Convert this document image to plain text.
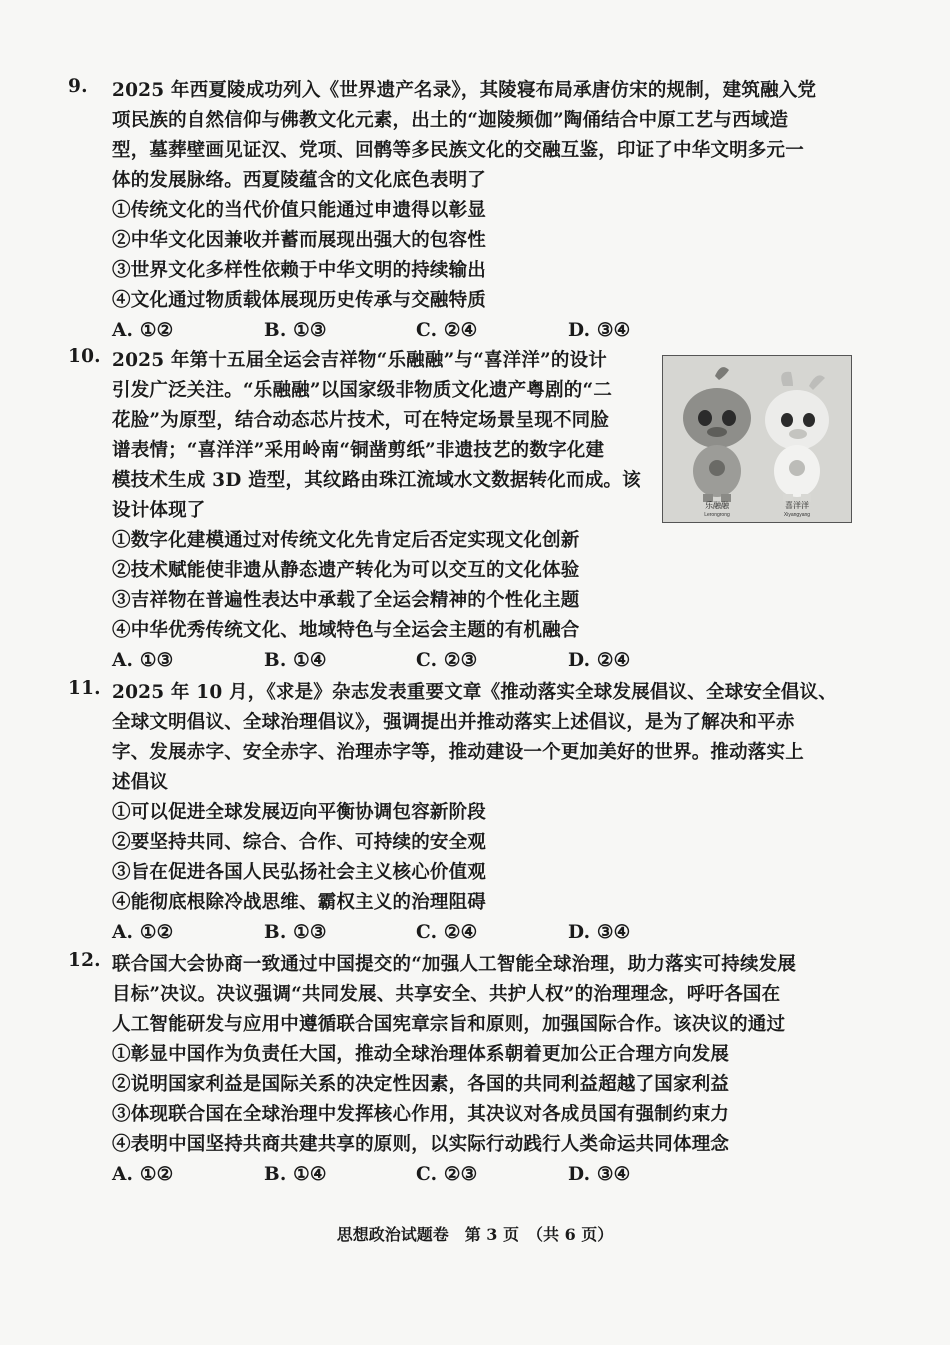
9. 2025 年西夏陵成功列入《世界遗产名录》，其陵寝布局承唐仿宋的规制，建筑融入党
项民族的自然信仰与佛教文化元素，出土的“迦陵频伽”陶俑结合中原工艺与西域造
型，墓葬壁画见证汉、党项、回鹘等多民族文化的交融互鉴，印证了中华文明多元一
体的发展脉络。西夏陵蕴含的文化底色表明了
①传统文化的当代价值只能通过申遗得以彰显
②中华文化因兼收并蓄而展现出强大的包容性
③世界文化多样性依赖于中华文明的持续输出
④文化通过物质载体展现历史传承与交融特质
A. ①②	B. ①③	C. ②④	D. ③④
10. 2025 年第十五届全运会吉祥物“乐融融”与“喜洋洋”的设计
引发广泛关注。“乐融融”以国家级非物质文化遗产粤剧的“二
花脸”为原型，结合动态芯片技术，可在特定场景呈现不同脸
谱表情；“喜洋洋”采用岭南“铜凿剪纸”非遗技艺的数字化建
模技术生成 3D 造型，其纹路由珠江流域水文数据转化而成。该
设计体现了
①数字化建模通过对传统文化先肯定后否定实现文化创新
②技术赋能使非遗从静态遗产转化为可以交互的文化体验
③吉祥物在普遍性表达中承载了全运会精神的个性化主题
④中华优秀传统文化、地域特色与全运会主题的有机融合
A. ①③	B. ①④	C. ②③	D. ②④
乐融融
Lerongrong
喜洋洋
Xiyangyang
11. 2025 年 10 月，《求是》杂志发表重要文章《推动落实全球发展倡议、全球安全倡议、
全球文明倡议、全球治理倡议》，强调提出并推动落实上述倡议，是为了解决和平赤
字、发展赤字、安全赤字、治理赤字等，推动建设一个更加美好的世界。推动落实上
述倡议
①可以促进全球发展迈向平衡协调包容新阶段
②要坚持共同、综合、合作、可持续的安全观
③旨在促进各国人民弘扬社会主义核心价值观
④能彻底根除冷战思维、霸权主义的治理阻碍
A. ①②	B. ①③	C. ②④	D. ③④
12. 联合国大会协商一致通过中国提交的“加强人工智能全球治理，助力落实可持续发展
目标”决议。决议强调“共同发展、共享安全、共护人权”的治理理念，呼吁各国在
人工智能研发与应用中遵循联合国宪章宗旨和原则，加强国际合作。该决议的通过
①彰显中国作为负责任大国，推动全球治理体系朝着更加公正合理方向发展
②说明国家利益是国际关系的决定性因素，各国的共同利益超越了国家利益
③体现联合国在全球治理中发挥核心作用，其决议对各成员国有强制约束力
④表明中国坚持共商共建共享的原则，以实际行动践行人类命运共同体理念
A. ①②	B. ①④	C. ②③	D. ③④
思想政治试题卷　第 3 页　（共 6 页）
